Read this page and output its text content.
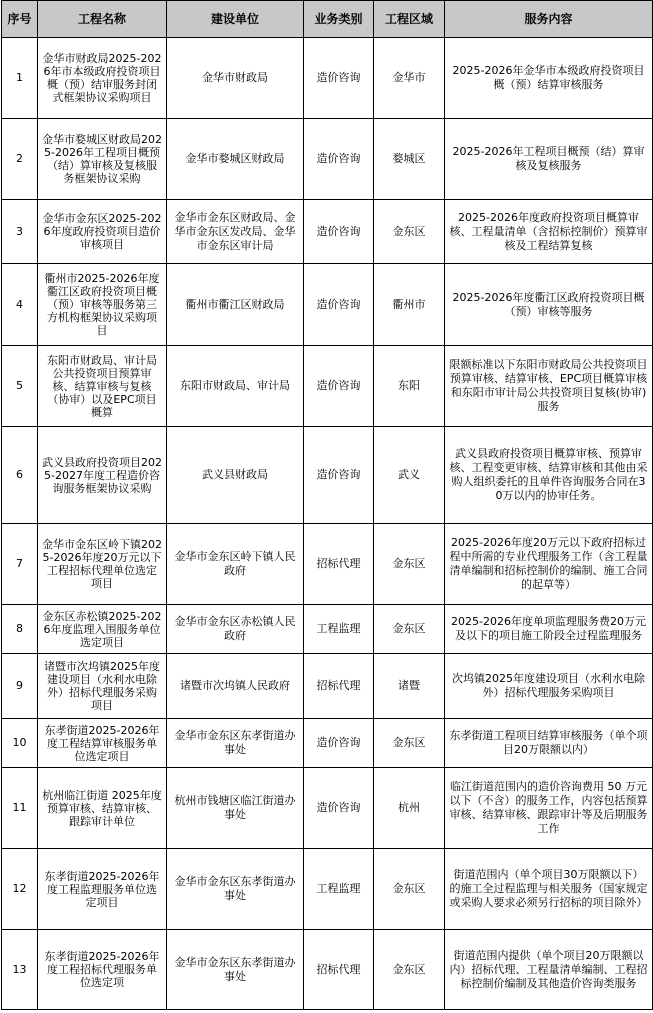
序号	工程名称	建设单位	业务类别	工程区域	服务内容
1	金华市财政局2025-2026年市本级政府投资项目概（预）结审服务封闭式框架协议采购项目	金华市财政局	造价咨询	金华市	2025-2026年金华市本级政府投资项目概（预）结算审核服务
2	金华市婺城区财政局2025-2026年工程项目概预（结）算审核及复核服务框架协议采购	金华市婺城区财政局	造价咨询	婺城区	2025-2026年工程项目概预（结）算审核及复核服务
3	金华市金东区2025-2026年度政府投资项目造价审核项目	金华市金东区财政局、金华市金东区发改局、金华市金东区审计局	造价咨询	金东区	2025-2026年度政府投资项目概算审核、工程量清单（含招标控制价）预算审核及工程结算复核
4	衢州市2025-2026年度衢江区政府投资项目概（预）审核等服务第三方机构框架协议采购项目	衢州市衢江区财政局	造价咨询	衢州市	2025-2026年度衢江区政府投资项目概（预）审核等服务
5	东阳市财政局、审计局公共投资项目预算审核、结算审核与复核（协审）以及EPC项目概算	东阳市财政局、审计局	造价咨询	东阳	限额标准以下东阳市财政局公共投资项目预算审核、结算审核、EPC项目概算审核和东阳市审计局公共投资项目复核(协审)服务
6	武义县政府投资项目2025-2027年度工程造价咨询服务框架协议采购	武义县财政局	造价咨询	武义	武义县政府投资项目概算审核、预算审核、工程变更审核、结算审核和其他由采购人组织委托的且单件咨询服务合同在30万以内的协审任务。
7	金华市金东区岭下镇2025-2026年度20万元以下工程招标代理单位选定项目	金华市金东区岭下镇人民政府	招标代理	金东区	2025-2026年度20万元以下政府招标过程中所需的专业代理服务工作（含工程量清单编制和招标控制价的编制、施工合同的起草等）
8	金东区赤松镇2025-2026年度监理入围服务单位选定项目	金华市金东区赤松镇人民政府	工程监理	金东区	2025-2026年度单项监理服务费20万元及以下的项目施工阶段全过程监理服务
9	诸暨市次坞镇2025年度建设项目（水利水电除外）招标代理服务采购项目	诸暨市次坞镇人民政府	招标代理	诸暨	次坞镇2025年度建设项目（水利水电除外）招标代理服务采购项目
10	东孝街道2025-2026年度工程结算审核服务单位选定项目	金华市金东区东孝街道办事处	造价咨询	金东区	东孝街道工程项目结算审核服务（单个项目20万限额以内）
11	杭州临江街道 2025年度预算审核、结算审核、跟踪审计单位	杭州市钱塘区临江街道办事处	造价咨询	杭州	临江街道范围内的造价咨询费用 50 万元以下（不含）的服务工作，内容包括预算审核、结算审核、跟踪审计等及后期服务工作
12	东孝街道2025-2026年度工程监理服务单位选定项目	金华市金东区东孝街道办事处	工程监理	金东区	街道范围内（单个项目30万限额以下）的施工全过程监理与相关服务（国家规定或采购人要求必须另行招标的项目除外）
13	东孝街道2025-2026年度工程招标代理服务单位选定项	金华市金东区东孝街道办事处	招标代理	金东区	街道范围内提供（单个项目20万限额以内）招标代理、工程量清单编制、工程招标控制价编制及其他造价咨询类服务
